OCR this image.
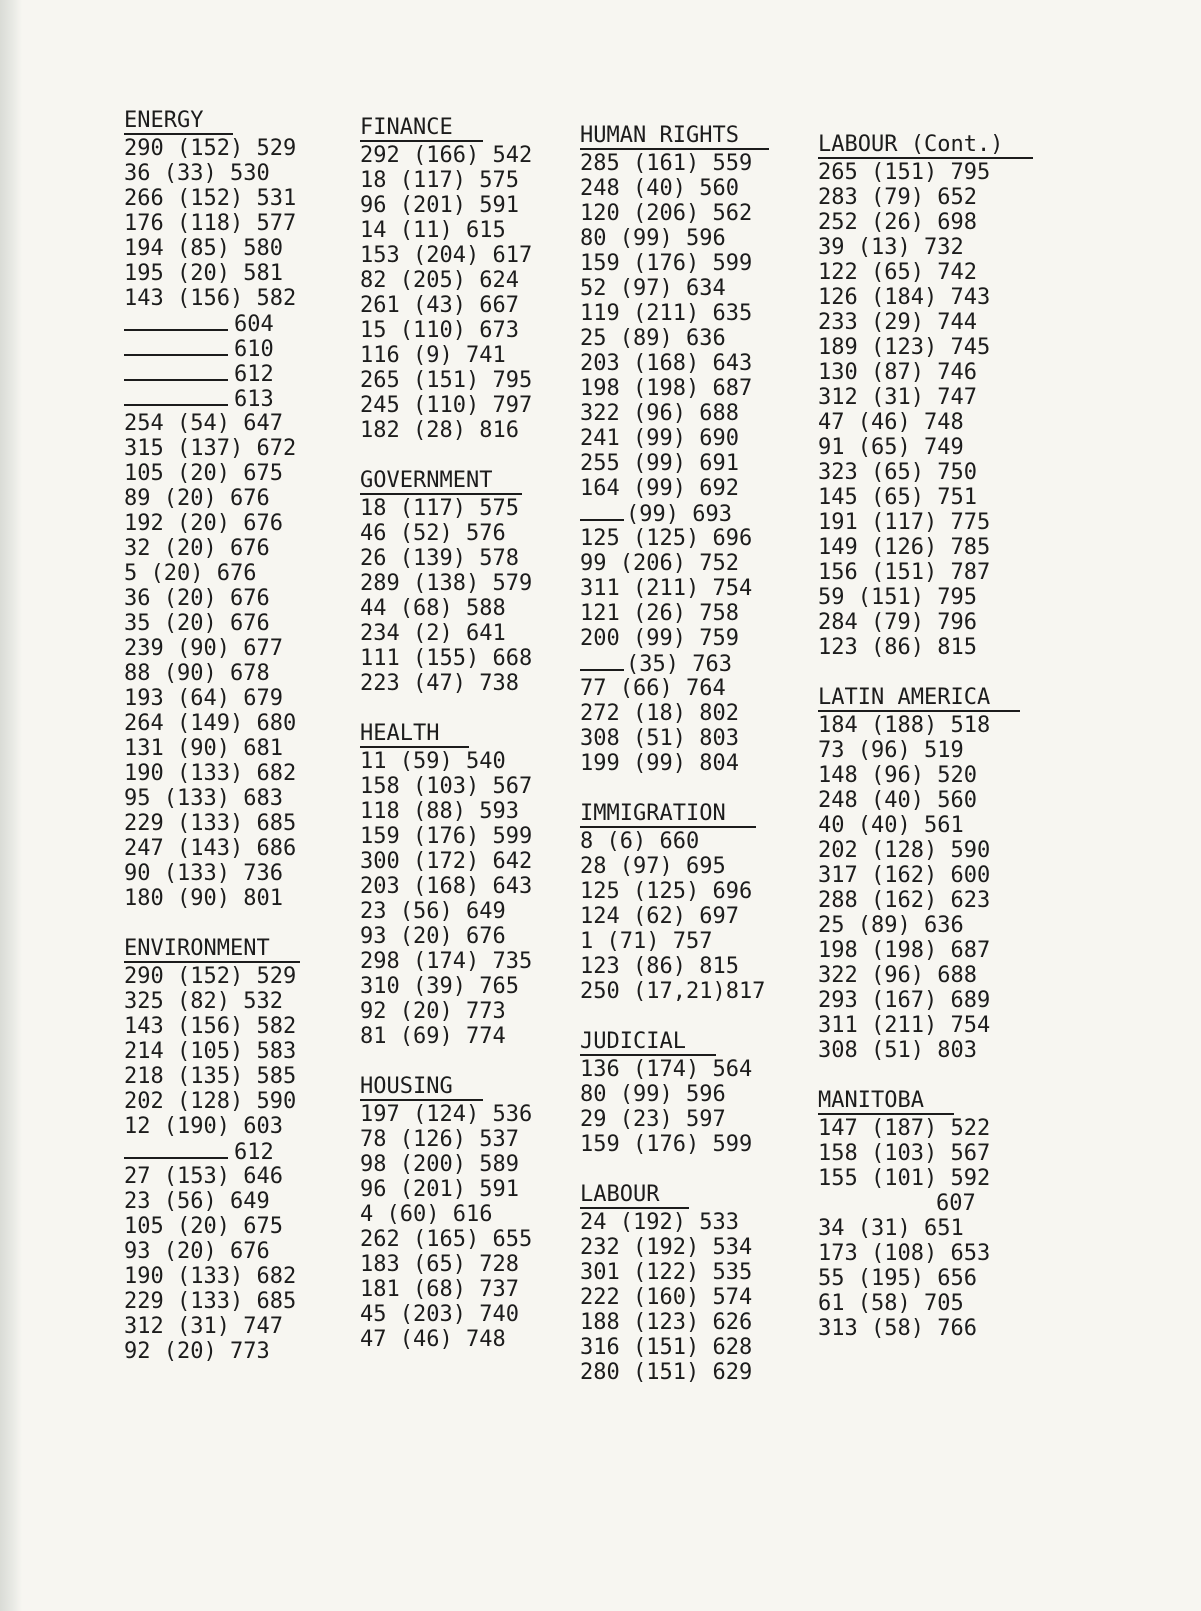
ENERGY
290 (152) 529
36 (33) 530
266 (152) 531
176 (118) 577
194 (85) 580
195 (20) 581
143 (156) 582
604
610
612
613
254 (54) 647
315 (137) 672
105 (20) 675
89 (20) 676
192 (20) 676
32 (20) 676
5 (20) 676
36 (20) 676
35 (20) 676
239 (90) 677
88 (90) 678
193 (64) 679
264 (149) 680
131 (90) 681
190 (133) 682
95 (133) 683
229 (133) 685
247 (143) 686
90 (133) 736
180 (90) 801
ENVIRONMENT
290 (152) 529
325 (82) 532
143 (156) 582
214 (105) 583
218 (135) 585
202 (128) 590
12 (190) 603
612
27 (153) 646
23 (56) 649
105 (20) 675
93 (20) 676
190 (133) 682
229 (133) 685
312 (31) 747
92 (20) 773
FINANCE
292 (166) 542
18 (117) 575
96 (201) 591
14 (11) 615
153 (204) 617
82 (205) 624
261 (43) 667
15 (110) 673
116 (9) 741
265 (151) 795
245 (110) 797
182 (28) 816
GOVERNMENT
18 (117) 575
46 (52) 576
26 (139) 578
289 (138) 579
44 (68) 588
234 (2) 641
111 (155) 668
223 (47) 738
HEALTH
11 (59) 540
158 (103) 567
118 (88) 593
159 (176) 599
300 (172) 642
203 (168) 643
23 (56) 649
93 (20) 676
298 (174) 735
310 (39) 765
92 (20) 773
81 (69) 774
HOUSING
197 (124) 536
78 (126) 537
98 (200) 589
96 (201) 591
4 (60) 616
262 (165) 655
183 (65) 728
181 (68) 737
45 (203) 740
47 (46) 748
HUMAN RIGHTS
285 (161) 559
248 (40) 560
120 (206) 562
80 (99) 596
159 (176) 599
52 (97) 634
119 (211) 635
25 (89) 636
203 (168) 643
198 (198) 687
322 (96) 688
241 (99) 690
255 (99) 691
164 (99) 692
(99) 693
125 (125) 696
99 (206) 752
311 (211) 754
121 (26) 758
200 (99) 759
(35) 763
77 (66) 764
272 (18) 802
308 (51) 803
199 (99) 804
IMMIGRATION
8 (6) 660
28 (97) 695
125 (125) 696
124 (62) 697
1 (71) 757
123 (86) 815
250 (17,21)817
JUDICIAL
136 (174) 564
80 (99) 596
29 (23) 597
159 (176) 599
LABOUR
24 (192) 533
232 (192) 534
301 (122) 535
222 (160) 574
188 (123) 626
316 (151) 628
280 (151) 629
LABOUR (Cont.)
265 (151) 795
283 (79) 652
252 (26) 698
39 (13) 732
122 (65) 742
126 (184) 743
233 (29) 744
189 (123) 745
130 (87) 746
312 (31) 747
47 (46) 748
91 (65) 749
323 (65) 750
145 (65) 751
191 (117) 775
149 (126) 785
156 (151) 787
59 (151) 795
284 (79) 796
123 (86) 815
LATIN AMERICA
184 (188) 518
73 (96) 519
148 (96) 520
248 (40) 560
40 (40) 561
202 (128) 590
317 (162) 600
288 (162) 623
25 (89) 636
198 (198) 687
322 (96) 688
293 (167) 689
311 (211) 754
308 (51) 803
MANITOBA
147 (187) 522
158 (103) 567
155 (101) 592
607
34 (31) 651
173 (108) 653
55 (195) 656
61 (58) 705
313 (58) 766
